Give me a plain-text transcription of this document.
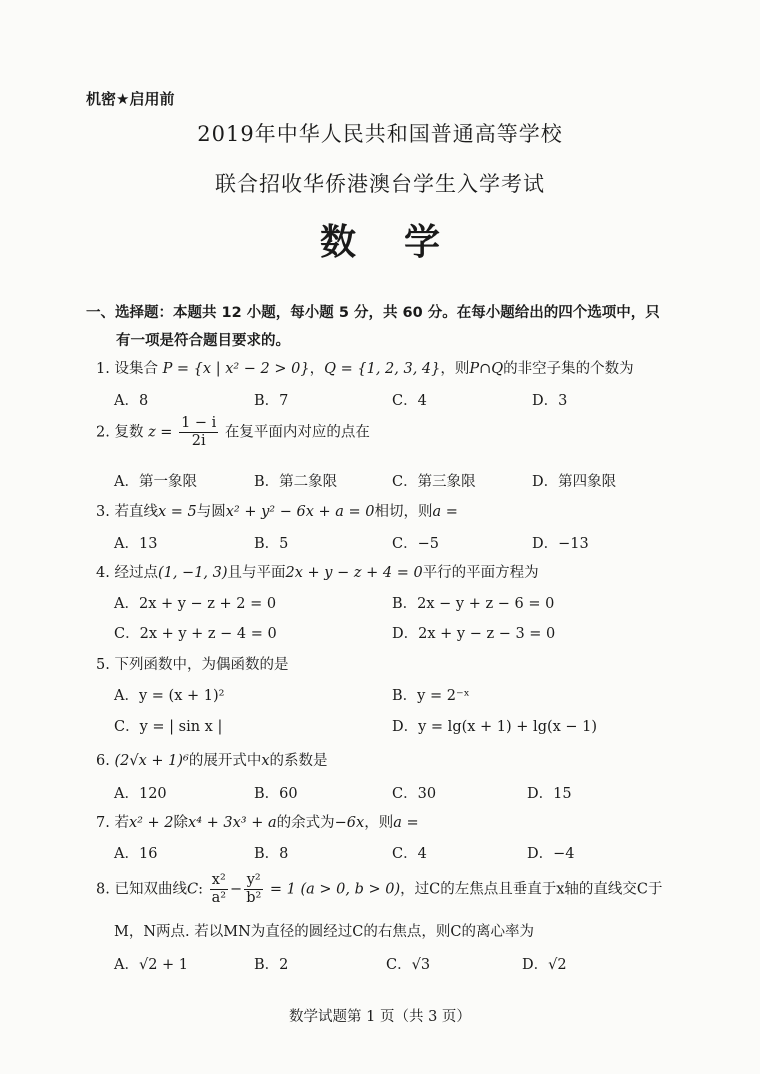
机密★启用前
2019年中华人民共和国普通高等学校
联合招收华侨港澳台学生入学考试
数学
一、选择题：本题共 12 小题，每小题 5 分，共 60 分。在每小题给出的四个选项中，只
有一项是符合题目要求的。
1. 设集合 P = {x | x² − 2 > 0}，Q = {1, 2, 3, 4}，则P∩Q的非空子集的个数为
A．8	B．7	C．4	D．3
2. 复数 $z = \frac{1 - i}{2i}$ 在复平面内对应的点在
A．第一象限	B．第二象限	C．第三象限	D．第四象限
3. 若直线x = 5与圆x² + y² − 6x + a = 0相切，则a =
A．13	B．5	C．−5	D．−13
4. 经过点(1, −1, 3)且与平面2x + y − z + 4 = 0平行的平面方程为
A．2x + y − z + 2 = 0	B．2x − y + z − 6 = 0
C．2x + y + z − 4 = 0	D．2x + y − z − 3 = 0
5. 下列函数中，为偶函数的是
A．y = (x + 1)²	B．y = 2⁻ˣ
C．y = | sin x |	D．y = lg(x + 1) + lg(x − 1)
6. (2√x + 1)⁶的展开式中x的系数是
A．120	B．60	C．30	D．15
7. 若x² + 2除x⁴ + 3x³ + a的余式为−6x，则a =
A．16	B．8	C．4	D．−4
8. 已知双曲线C: $\frac{\text{x²}}{\text{a²}} - \frac{\text{y²}}{\text{b²}} = 1$ (a > 0, b > 0)，过C的左焦点且垂直于x轴的直线交C于
M，N两点. 若以MN为直径的圆经过C的右焦点，则C的离心率为
A．√2 + 1	B．2	C．√3	D．√2
数学试题第 1 页（共 3 页）
